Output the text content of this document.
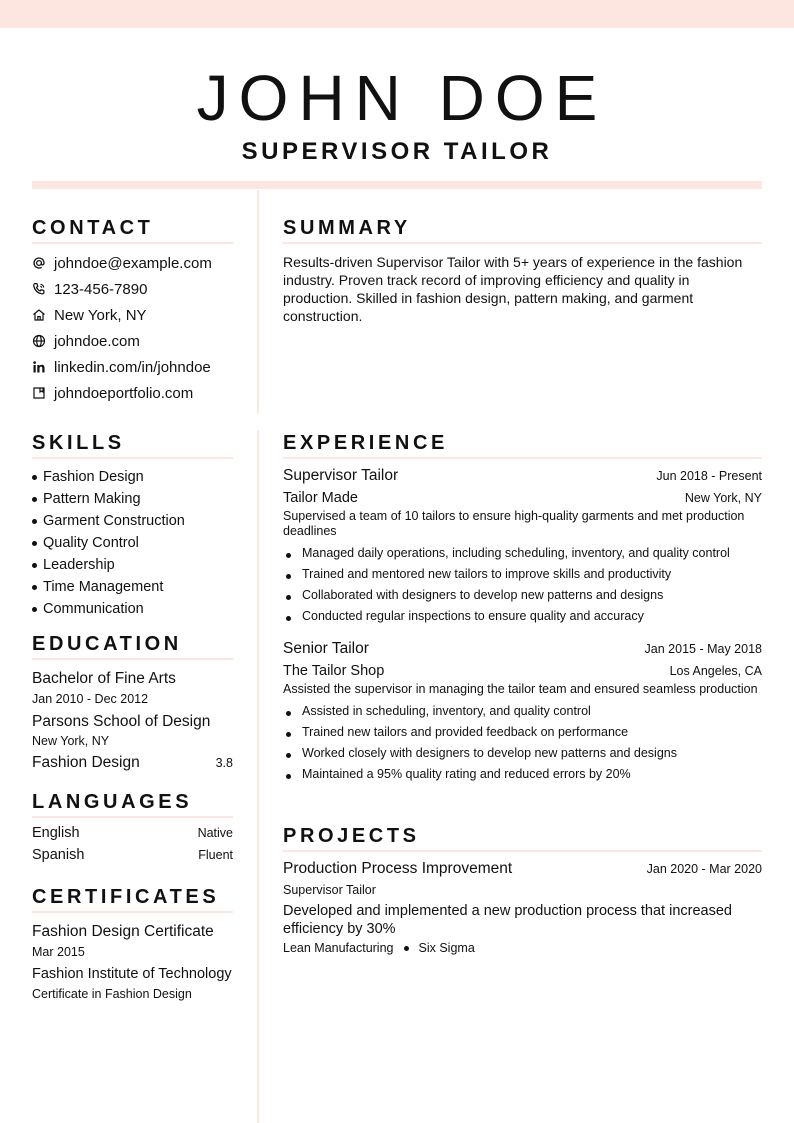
JOHN DOE
SUPERVISOR TAILOR
CONTACT
johndoe@example.com
123-456-7890
New York, NY
johndoe.com
linkedin.com/in/johndoe
johndoeportfolio.com
SUMMARY
Results-driven Supervisor Tailor with 5+ years of experience in the fashion industry. Proven track record of improving efficiency and quality in production. Skilled in fashion design, pattern making, and garment construction.
SKILLS
Fashion Design
Pattern Making
Garment Construction
Quality Control
Leadership
Time Management
Communication
EDUCATION
Bachelor of Fine Arts
Jan 2010 - Dec 2012
Parsons School of Design
New York, NY
Fashion Design	3.8
LANGUAGES
English	Native
Spanish	Fluent
CERTIFICATES
Fashion Design Certificate
Mar 2015
Fashion Institute of Technology
Certificate in Fashion Design
EXPERIENCE
Supervisor Tailor	Jun 2018 - Present
Tailor Made	New York, NY
Supervised a team of 10 tailors to ensure high-quality garments and met production deadlines
Managed daily operations, including scheduling, inventory, and quality control
Trained and mentored new tailors to improve skills and productivity
Collaborated with designers to develop new patterns and designs
Conducted regular inspections to ensure quality and accuracy
Senior Tailor	Jan 2015 - May 2018
The Tailor Shop	Los Angeles, CA
Assisted the supervisor in managing the tailor team and ensured seamless production
Assisted in scheduling, inventory, and quality control
Trained new tailors and provided feedback on performance
Worked closely with designers to develop new patterns and designs
Maintained a 95% quality rating and reduced errors by 20%
PROJECTS
Production Process Improvement	Jan 2020 - Mar 2020
Supervisor Tailor
Developed and implemented a new production process that increased efficiency by 30%
Lean Manufacturing Six Sigma
